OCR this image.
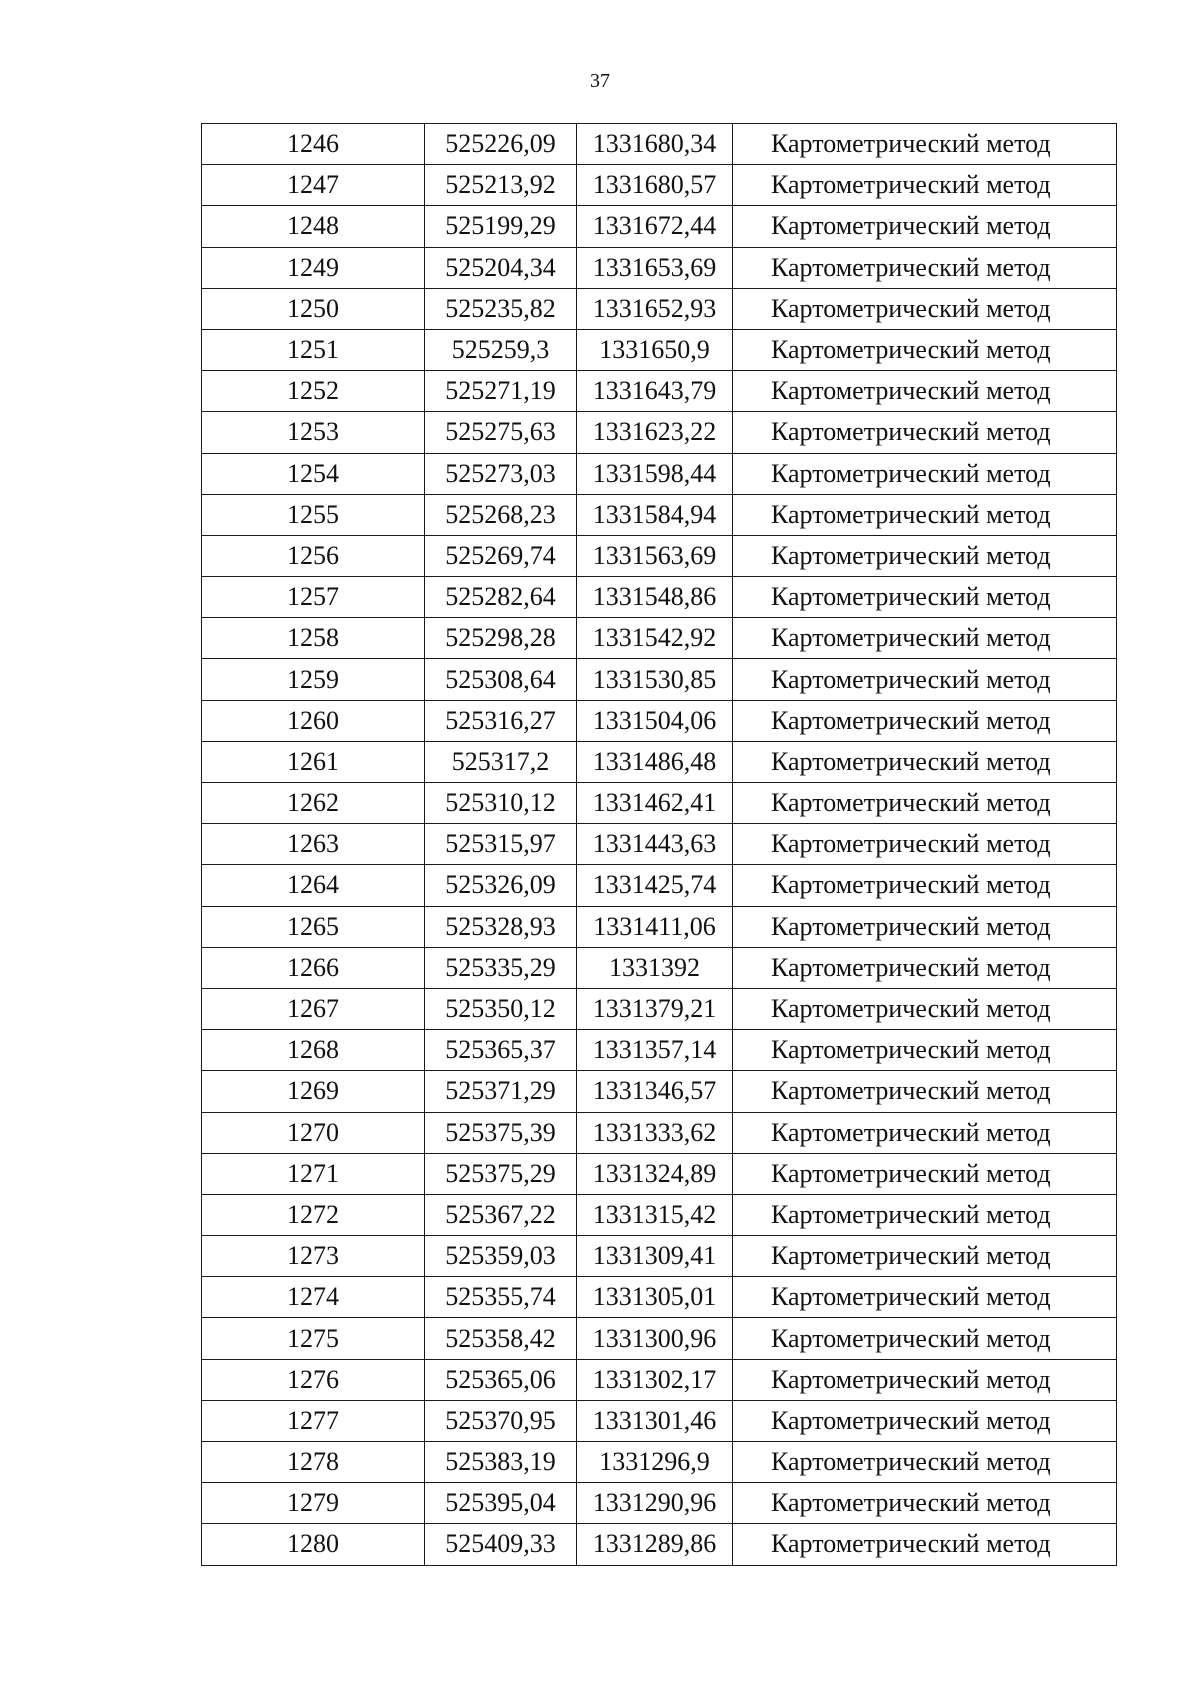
37
1246	525226,09	1331680,34	Картометрический метод
1247	525213,92	1331680,57	Картометрический метод
1248	525199,29	1331672,44	Картометрический метод
1249	525204,34	1331653,69	Картометрический метод
1250	525235,82	1331652,93	Картометрический метод
1251	525259,3	1331650,9	Картометрический метод
1252	525271,19	1331643,79	Картометрический метод
1253	525275,63	1331623,22	Картометрический метод
1254	525273,03	1331598,44	Картометрический метод
1255	525268,23	1331584,94	Картометрический метод
1256	525269,74	1331563,69	Картометрический метод
1257	525282,64	1331548,86	Картометрический метод
1258	525298,28	1331542,92	Картометрический метод
1259	525308,64	1331530,85	Картометрический метод
1260	525316,27	1331504,06	Картометрический метод
1261	525317,2	1331486,48	Картометрический метод
1262	525310,12	1331462,41	Картометрический метод
1263	525315,97	1331443,63	Картометрический метод
1264	525326,09	1331425,74	Картометрический метод
1265	525328,93	1331411,06	Картометрический метод
1266	525335,29	1331392	Картометрический метод
1267	525350,12	1331379,21	Картометрический метод
1268	525365,37	1331357,14	Картометрический метод
1269	525371,29	1331346,57	Картометрический метод
1270	525375,39	1331333,62	Картометрический метод
1271	525375,29	1331324,89	Картометрический метод
1272	525367,22	1331315,42	Картометрический метод
1273	525359,03	1331309,41	Картометрический метод
1274	525355,74	1331305,01	Картометрический метод
1275	525358,42	1331300,96	Картометрический метод
1276	525365,06	1331302,17	Картометрический метод
1277	525370,95	1331301,46	Картометрический метод
1278	525383,19	1331296,9	Картометрический метод
1279	525395,04	1331290,96	Картометрический метод
1280	525409,33	1331289,86	Картометрический метод
